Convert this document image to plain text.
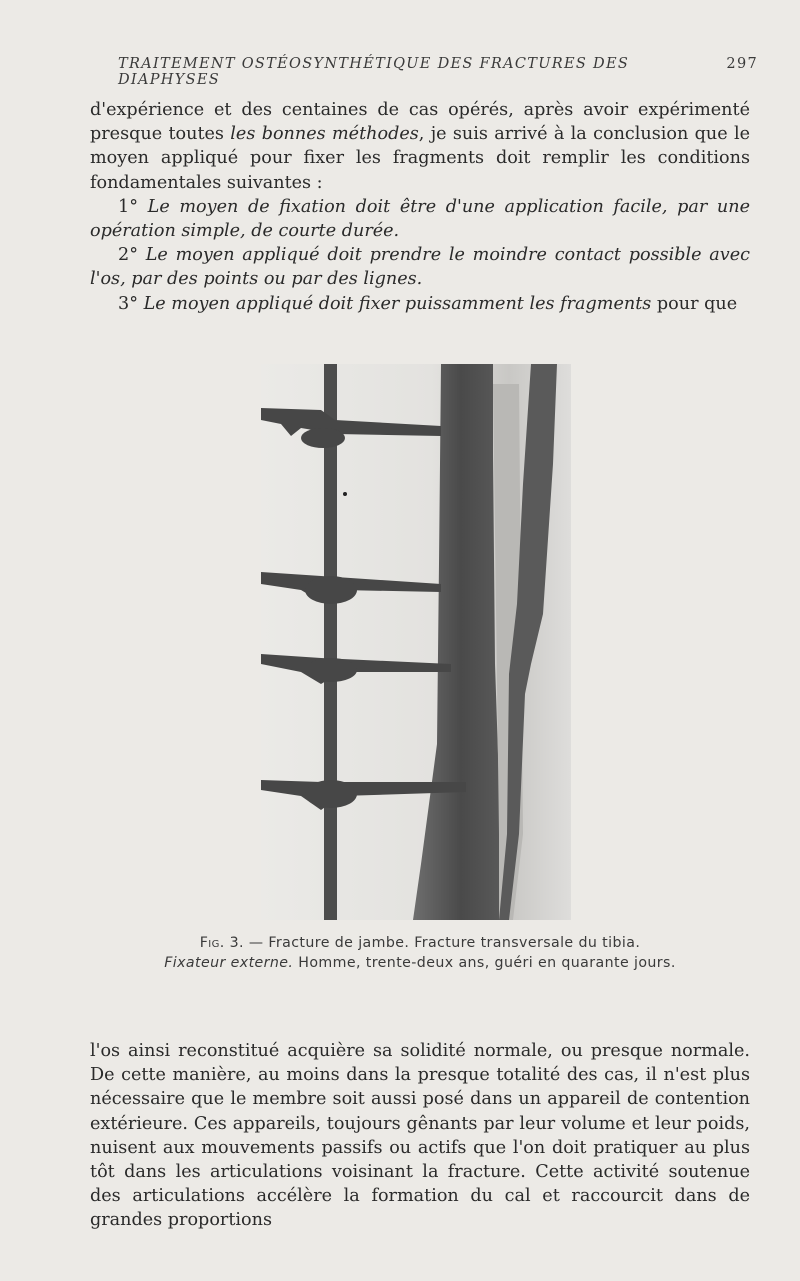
TRAITEMENT OSTÉOSYNTHÉTIQUE DES FRACTURES DES DIAPHYSES
297

d'expérience et des centaines de cas opérés, après avoir expérimenté presque toutes les bonnes méthodes, je suis arrivé à la conclusion que le moyen appliqué pour fixer les fragments doit remplir les conditions fondamentales suivantes :

1° Le moyen de fixation doit être d'une application facile, par une opération simple, de courte durée.

2° Le moyen appliqué doit prendre le moindre contact possible avec l'os, par des points ou par des lignes.

3° Le moyen appliqué doit fixer puissamment les fragments pour que

Fig. 3. — Fracture de jambe. Fracture transversale du tibia.
Fixateur externe. Homme, trente-deux ans, guéri en quarante jours.

l'os ainsi reconstitué acquière sa solidité normale, ou presque normale. De cette manière, au moins dans la presque totalité des cas, il n'est plus nécessaire que le membre soit aussi posé dans un appareil de contention extérieure. Ces appareils, toujours gênants par leur volume et leur poids, nuisent aux mouvements passifs ou actifs que l'on doit pratiquer au plus tôt dans les articulations voisinant la fracture. Cette activité soutenue des articulations accélère la formation du cal et raccourcit dans de grandes proportions
